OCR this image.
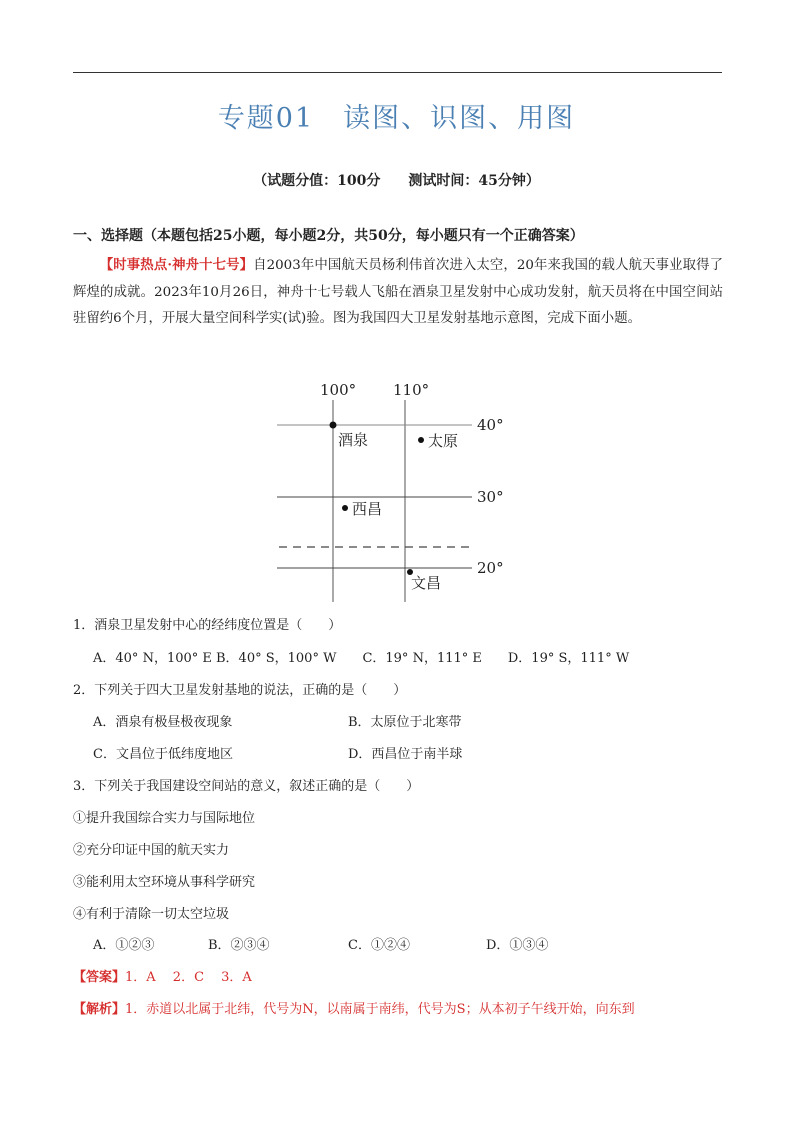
专题01　读图、识图、用图
（试题分值：100分　　测试时间：45分钟）
一、选择题（本题包括25小题，每小题2分，共50分，每小题只有一个正确答案）
【时事热点·神舟十七号】自2003年中国航天员杨利伟首次进入太空，20年来我国的载人航天事业取得了辉煌的成就。2023年10月26日，神舟十七号载人飞船在酒泉卫星发射中心成功发射，航天员将在中国空间站驻留约6个月，开展大量空间科学实(试)验。图为我国四大卫星发射基地示意图，完成下面小题。
100° 110°
40°
30°
20°
酒泉	太原
西昌
文昌
1．酒泉卫星发射中心的经纬度位置是（　　）
A．40° N，100° E B．40° S，100° W　　C．19° N，111° E　　D．19° S，111° W
2．下列关于四大卫星发射基地的说法，正确的是（　　）
A．酒泉有极昼极夜现象	B．太原位于北寒带
C．文昌位于低纬度地区	D．西昌位于南半球
3．下列关于我国建设空间站的意义，叙述正确的是（　　）
①提升我国综合实力与国际地位
②充分印证中国的航天实力
③能利用太空环境从事科学研究
④有利于清除一切太空垃圾
A．①②③	B．②③④	C．①②④	D．①③④
【答案】1．A　 2．C　 3．A
【解析】1．赤道以北属于北纬，代号为N，以南属于南纬，代号为S；从本初子午线开始，向东到
